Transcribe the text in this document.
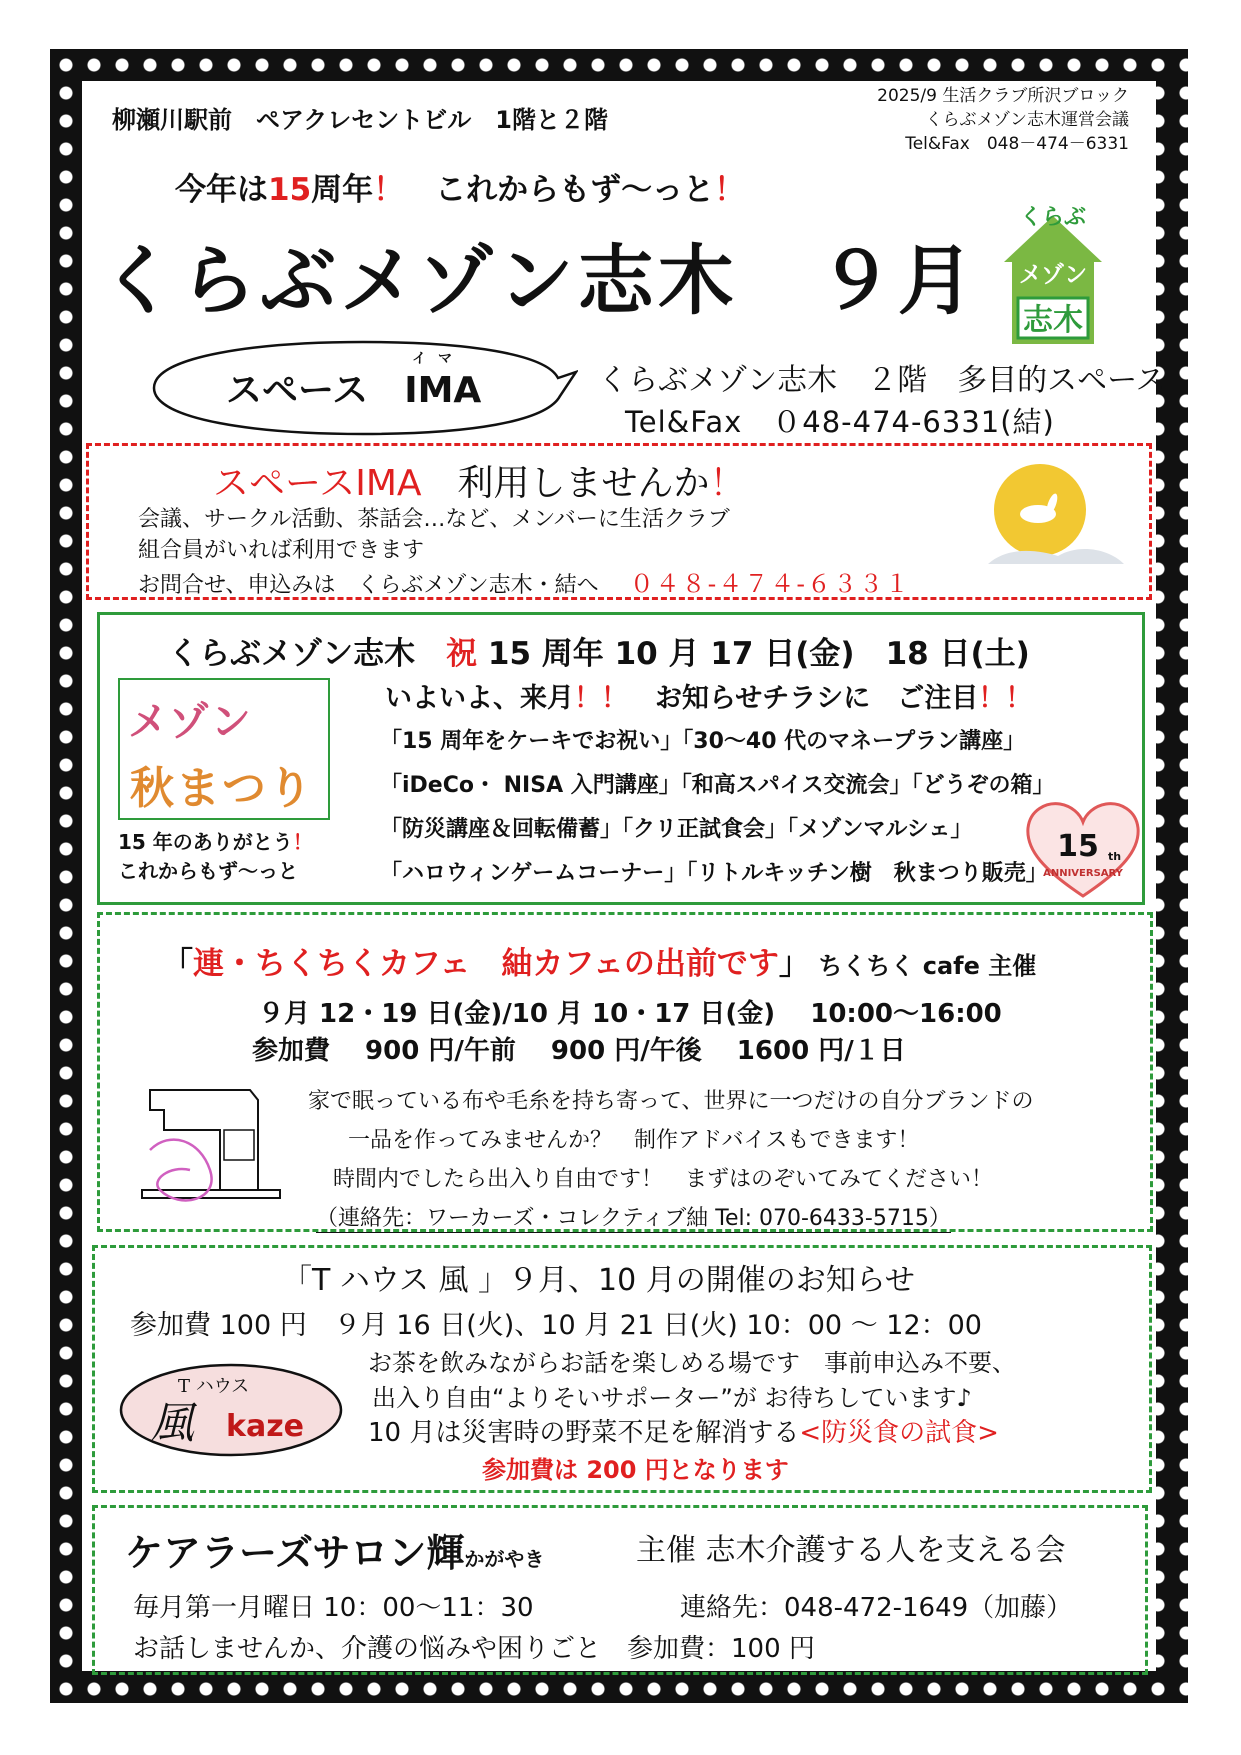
柳瀬川駅前　ペアクレセントビル　1階と２階
2025/9 生活クラブ所沢ブロック
くらぶメゾン志木運営会議
Tel&Fax　048－474－6331
今年は15周年！　これからもず～っと！
くらぶメゾン志木　９月
くらぶ
メゾン
志木
スペース　IMA
イマ
くらぶメゾン志木　２階　多目的スペース
Tel&Fax　０48-474-6331(結)
スペースIMA　利用しませんか！
会議、サークル活動、茶話会…など、メンバーに生活クラブ
組合員がいれば利用できます
お問合せ、申込みは　くらぶメゾン志木・結へ ０４８-４７４-６３３１
くらぶメゾン志木　祝 15 周年 10 月 17 日(金)　18 日(土)
いよいよ、来月！！　お知らせチラシに　ご注目！！
「15 周年をケーキでお祝い」「30～40 代のマネープラン講座」
「iDeCo・ NISA 入門講座」「和高スパイス交流会」「どうぞの箱」
「防災講座＆回転備蓄」「クリ正試食会」「メゾンマルシェ」
「ハロウィンゲームコーナー」「リトルキッチン樹　秋まつり販売」
メゾン
秋まつり
15 年のありがとう！
これからもず～っと
15 th
ANNIVERSARY
「連・ちくちくカフェ　紬カフェの出前です」　ちくちく cafe 主催
９月 12・19 日(金)/10 月 10・17 日(金)　 10:00～16:00
参加費　 900 円/午前　 900 円/午後　 1600 円/１日
家で眠っている布や毛糸を持ち寄って、世界に一つだけの自分ブランドの
一品を作ってみませんか？　制作アドバイスもできます！
時間内でしたら出入り自由です！　まずはのぞいてみてください！
（連絡先：ワーカーズ・コレクティブ紬 Tel: 070-6433-5715）
「T ハウス 風 」９月、10 月の開催のお知らせ
参加費 100 円　９月 16 日(火)、10 月 21 日(火) 10：00 ～ 12：00
お茶を飲みながらお話を楽しめる場です　事前申込み不要、
出入り自由“よりそいサポーター”が お待ちしています♪
10 月は災害時の野菜不足を解消する<防災食の試食>
参加費は 200 円となります
T ハウス
風 kaze
ケアラーズサロン輝かがやき	主催 志木介護する人を支える会
毎月第一月曜日 10：00～11：30	連絡先：048-472-1649（加藤）
お話しませんか、介護の悩みや困りごと　参加費：100 円
